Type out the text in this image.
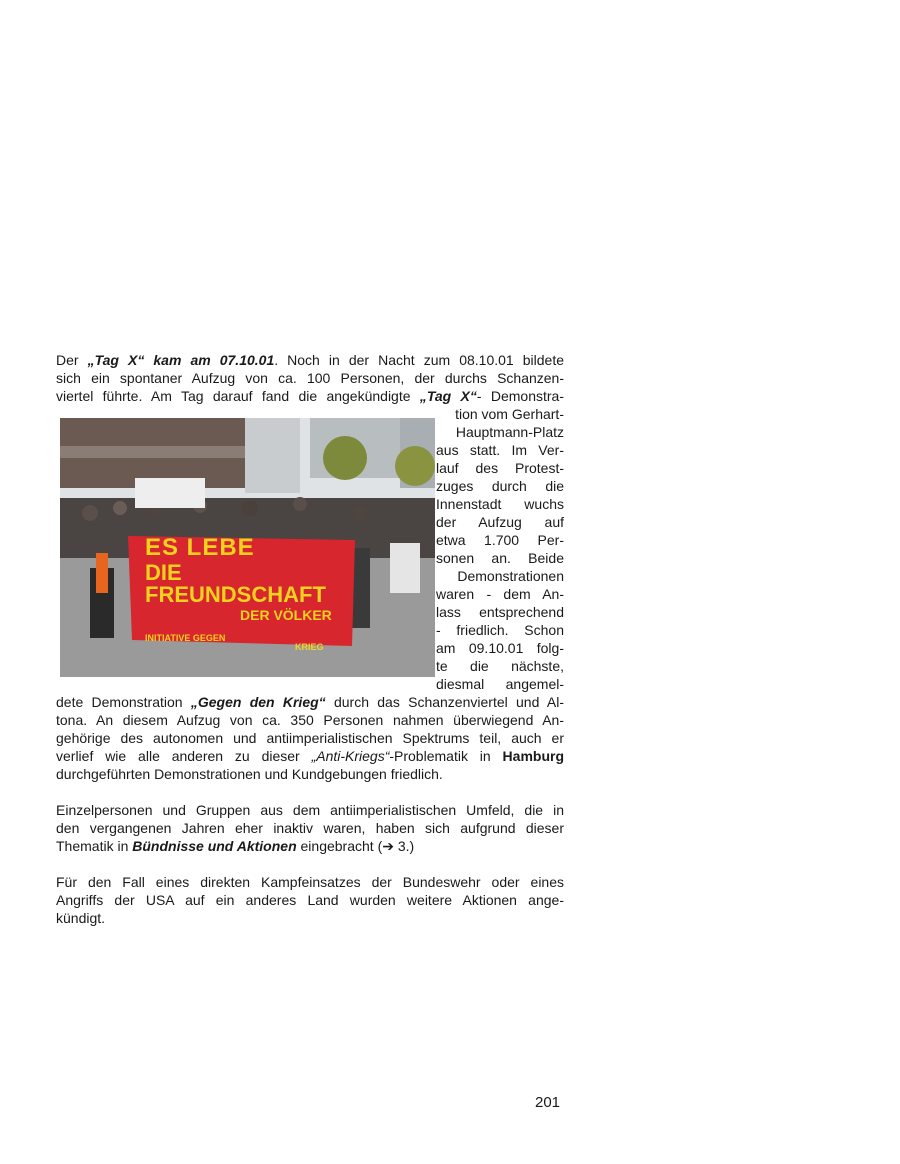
Der „Tag X“ kam am 07.10.01. Noch in der Nacht zum 08.10.01 bildete
sich ein spontaner Aufzug von ca. 100 Personen, der durchs Schanzen-
viertel führte. Am Tag darauf fand die angekündigte „Tag X“- Demonstra-
tion vom Gerhart-
Hauptmann-Platz
aus statt. Im Ver-
lauf des Protest-
zuges durch die
Innenstadt wuchs
der Aufzug auf
etwa 1.700 Per-
sonen an. Beide
Demonstrationen
waren - dem An-
lass entsprechend
- friedlich. Schon
am 09.10.01 folg-
te die nächste,
diesmal angemel-
dete Demonstration „Gegen den Krieg“ durch das Schanzenviertel und Al-
tona. An diesem Aufzug von ca. 350 Personen nahmen überwiegend An-
gehörige des autonomen und antiimperialistischen Spektrums teil, auch er
verlief wie alle anderen zu dieser „Anti-Kriegs“-Problematik in Hamburg
durchgeführten Demonstrationen und Kundgebungen friedlich.
Einzelpersonen und Gruppen aus dem antiimperialistischen Umfeld, die in
den vergangenen Jahren eher inaktiv waren, haben sich aufgrund dieser
Thematik in Bündnisse und Aktionen eingebracht (➔ 3.)
Für den Fall eines direkten Kampfeinsatzes der Bundeswehr oder eines
Angriffs der USA auf ein anderes Land wurden weitere Aktionen ange-
kündigt.
ES LEBE
DIE FREUNDSCHAFT
DER VÖLKER
INITIATIVE GEGEN
KRIEG
201
